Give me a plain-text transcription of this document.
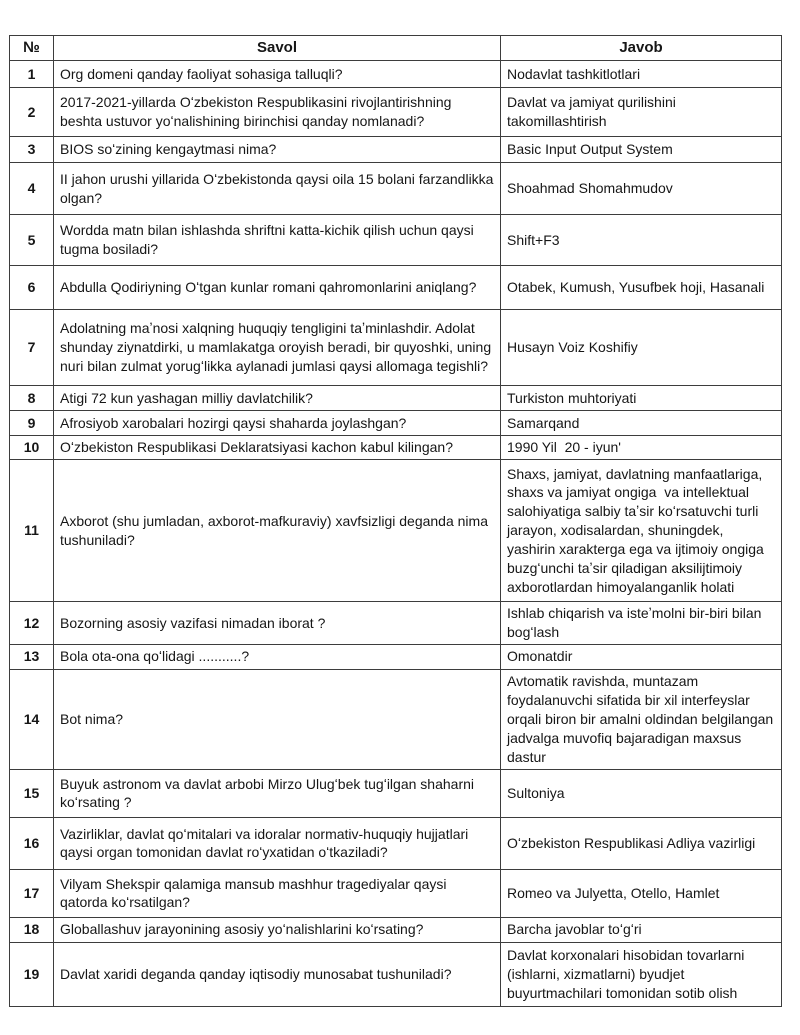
№	Savol	Javob
1	Org domeni qanday faoliyat sohasiga talluqli?	Nodavlat tashkitlotlari
2	2017-2021-yillarda Oʻzbekiston Respublikasini rivojlantirishning beshta ustuvor yoʻnalishining birinchisi qanday nomlanadi?	Davlat va jamiyat qurilishini takomillashtirish
3	BIOS soʻzining kengaytmasi nima?	Basic Input Output System
4	II jahon urushi yillarida Oʻzbekistonda qaysi oila 15 bolani farzandlikka olgan?	Shoahmad Shomahmudov
5	Wordda matn bilan ishlashda shriftni katta-kichik qilish uchun qaysi tugma bosiladi?	Shift+F3
6	Abdulla Qodiriyning Oʻtgan kunlar romani qahromonlarini aniqlang?	Otabek, Kumush, Yusufbek hoji, Hasanali
7	Adolatning maʼnosi xalqning huquqiy tengligini taʼminlashdir. Adolat shunday ziynatdirki, u mamlakatga oroyish beradi, bir quyoshki, uning nuri bilan zulmat yorugʻlikka aylanadi jumlasi qaysi allomaga tegishli?	Husayn Voiz Koshifiy
8	Atigi 72 kun yashagan milliy davlatchilik?	Turkiston muhtoriyati
9	Afrosiyob xarobalari hozirgi qaysi shaharda joylashgan?	Samarqand
10	Oʻzbekiston Respublikasi Deklaratsiyasi kachon kabul kilingan?	1990 Yil  20 - iyun'
11	Axborot (shu jumladan, axborot-mafkuraviy) xavfsizligi deganda nima tushuniladi?	Shaxs, jamiyat, davlatning manfaatlariga, shaxs va jamiyat ongiga  va intellektual salohiyatiga salbiy taʼsir koʻrsatuvchi turli jarayon, xodisalardan, shuningdek, yashirin xarakterga ega va ijtimoiy ongiga buzgʻunchi taʼsir qiladigan aksilijtimoiy axborotlardan himoyalanganlik holati
12	Bozorning asosiy vazifasi nimadan iborat ?	Ishlab chiqarish va isteʼmolni bir-biri bilan bogʻlash
13	Bola ota-ona qoʻlidagi ...........?	Omonatdir
14	Bot nima?	Avtomatik ravishda, muntazam foydalanuvchi sifatida bir xil interfeyslar orqali biron bir amalni oldindan belgilangan jadvalga muvofiq bajaradigan maxsus dastur
15	Buyuk astronom va davlat arbobi Mirzo Ulugʻbek tugʻilgan shaharni koʻrsating ?	Sultoniya
16	Vazirliklar, davlat qoʻmitalari va idoralar normativ-huquqiy hujjatlari qaysi organ tomonidan davlat roʻyxatidan oʻtkaziladi?	Oʻzbekiston Respublikasi Adliya vazirligi
17	Vilyam Shekspir qalamiga mansub mashhur tragediyalar qaysi qatorda koʻrsatilgan?	Romeo va Julyetta, Otello, Hamlet
18	Globallashuv jarayonining asosiy yoʻnalishlarini koʻrsating?	Barcha javoblar toʻgʻri
19	Davlat xaridi deganda qanday iqtisodiy munosabat tushuniladi?	Davlat korxonalari hisobidan tovarlarni (ishlarni, xizmatlarni) byudjet buyurtmachilari tomonidan sotib olish
